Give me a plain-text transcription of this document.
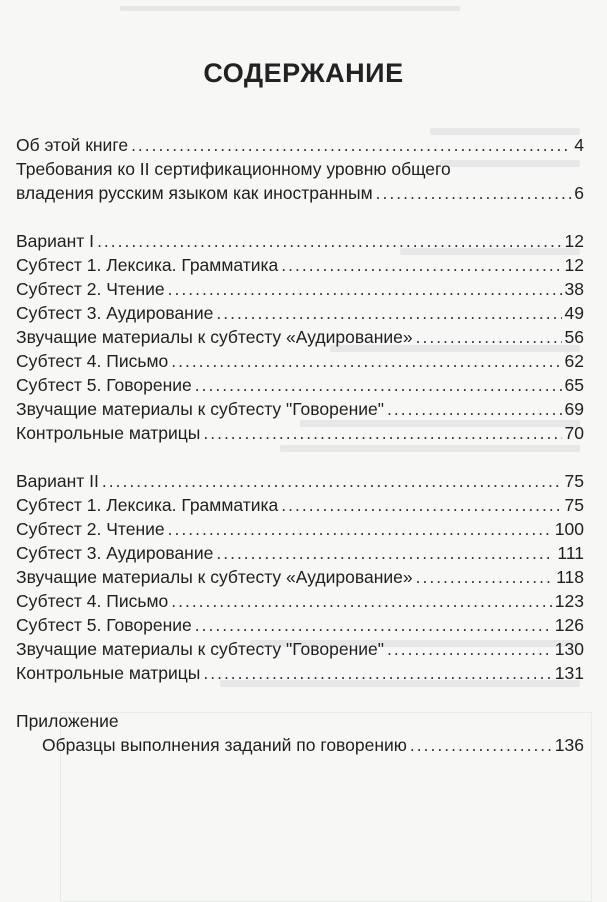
СОДЕРЖАНИЕ
Об этой книге .....	4
Требования ко II сертификационному уровню общего
владения русским языком как иностранным .....	6
Вариант I .....	12
Субтест 1. Лексика. Грамматика .....	12
Субтест 2. Чтение .....	38
Субтест 3. Аудирование .....	49
Звучащие материалы к субтесту «Аудирование» .....	56
Субтест 4. Письмо .....	62
Субтест 5. Говорение .....	65
Звучащие материалы к субтесту "Говорение" .....	69
Контрольные матрицы .....	70
Вариант II .....	75
Субтест 1. Лексика. Грамматика .....	75
Субтест 2. Чтение .....	100
Субтест 3. Аудирование .....	111
Звучащие материалы к субтесту «Аудирование» .....	118
Субтест 4. Письмо .....	123
Субтест 5. Говорение .....	126
Звучащие материалы к субтесту "Говорение" .....	130
Контрольные матрицы .....	131
Приложение
Образцы выполнения заданий по говорению .....	136
